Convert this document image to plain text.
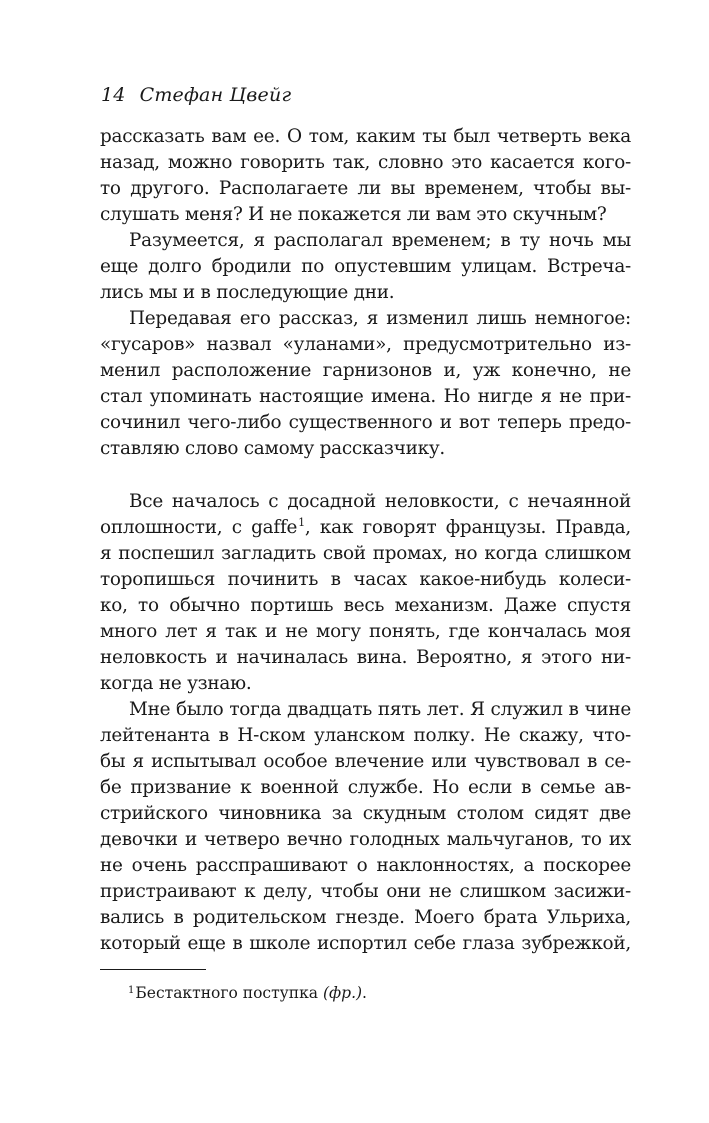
14 Стефан Цвейг
рассказать вам ее. О том, каким ты был четверть века
назад, можно говорить так, словно это касается кого-
то другого. Располагаете ли вы временем, чтобы вы-
слушать меня? И не покажется ли вам это скучным?
Разумеется, я располагал временем; в ту ночь мы
еще долго бродили по опустевшим улицам. Встреча-
лись мы и в последующие дни.
Передавая его рассказ, я изменил лишь немногое:
«гусаров» назвал «уланами», предусмотрительно из-
менил расположение гарнизонов и, уж конечно, не
стал упоминать настоящие имена. Но нигде я не при-
сочинил чего-либо существенного и вот теперь предо-
ставляю слово самому рассказчику.
Все началось с досадной неловкости, с нечаянной
оплошности, с gaffe$^1$, как говорят французы. Правда,
я поспешил загладить свой промах, но когда слишком
торопишься починить в часах какое-нибудь колеси-
ко, то обычно портишь весь механизм. Даже спустя
много лет я так и не могу понять, где кончалась моя
неловкость и начиналась вина. Вероятно, я этого ни-
когда не узнаю.
Мне было тогда двадцать пять лет. Я служил в чине
лейтенанта в Н-ском уланском полку. Не скажу, что-
бы я испытывал особое влечение или чувствовал в се-
бе призвание к военной службе. Но если в семье ав-
стрийского чиновника за скудным столом сидят две
девочки и четверо вечно голодных мальчуганов, то их
не очень расспрашивают о наклонностях, а поскорее
пристраивают к делу, чтобы они не слишком засижи-
вались в родительском гнезде. Моего брата Ульриха,
который еще в школе испортил себе глаза зубрежкой,
$^1$Бестактного поступка (фр.).
